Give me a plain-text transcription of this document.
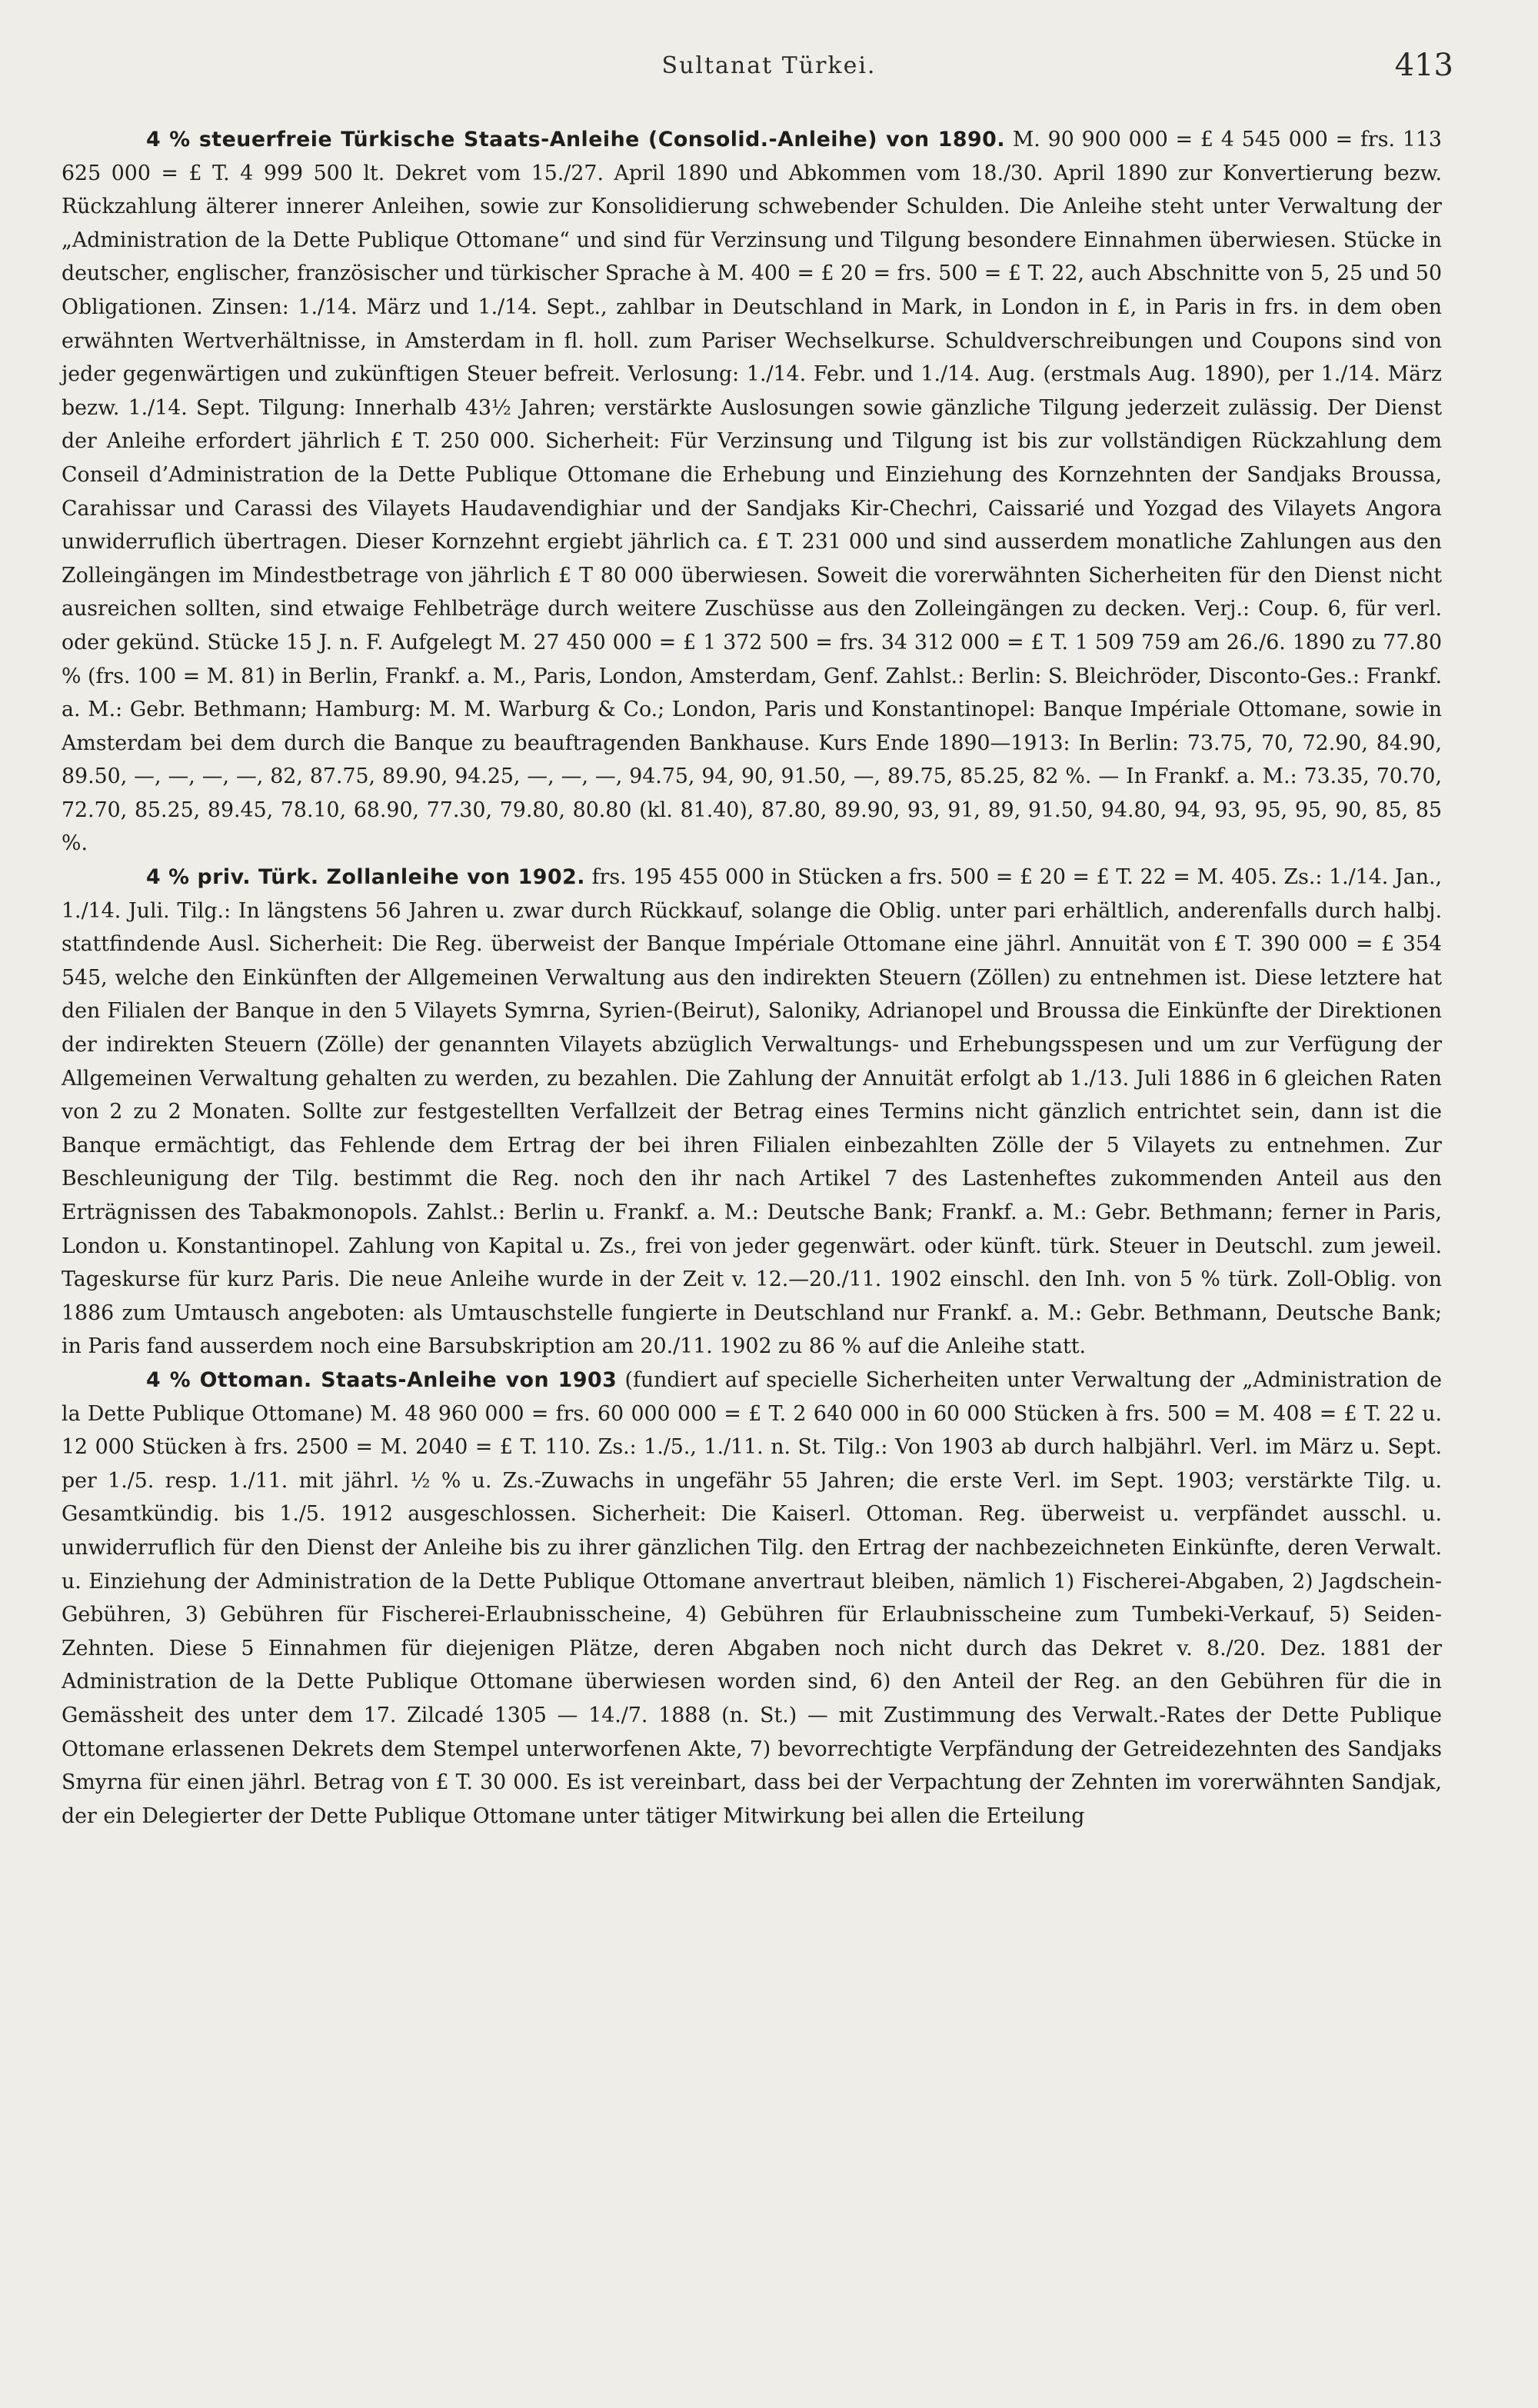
Sultanat Türkei.	413

4 % steuerfreie Türkische Staats-Anleihe (Consolid.-Anleihe) von 1890. M. 90 900 000 = £ 4 545 000 = frs. 113 625 000 = £ T. 4 999 500 lt. Dekret vom 15./27. April 1890 und Abkommen vom 18./30. April 1890 zur Konvertierung bezw. Rückzahlung älterer innerer Anleihen, sowie zur Konsolidierung schwebender Schulden. Die Anleihe steht unter Verwaltung der „Administration de la Dette Publique Ottomane“ und sind für Verzinsung und Tilgung besondere Einnahmen überwiesen. Stücke in deutscher, englischer, französischer und türkischer Sprache à M. 400 = £ 20 = frs. 500 = £ T. 22, auch Abschnitte von 5, 25 und 50 Obligationen. Zinsen: 1./14. März und 1./14. Sept., zahlbar in Deutschland in Mark, in London in £, in Paris in frs. in dem oben erwähnten Wertverhältnisse, in Amsterdam in fl. holl. zum Pariser Wechselkurse. Schuldverschreibungen und Coupons sind von jeder gegenwärtigen und zukünftigen Steuer befreit. Verlosung: 1./14. Febr. und 1./14. Aug. (erstmals Aug. 1890), per 1./14. März bezw. 1./14. Sept. Tilgung: Innerhalb 43½ Jahren; verstärkte Auslosungen sowie gänzliche Tilgung jederzeit zulässig. Der Dienst der Anleihe erfordert jährlich £ T. 250 000. Sicherheit: Für Verzinsung und Tilgung ist bis zur vollständigen Rückzahlung dem Conseil d’Administration de la Dette Publique Ottomane die Erhebung und Einziehung des Kornzehnten der Sandjaks Broussa, Carahissar und Carassi des Vilayets Haudavendighiar und der Sandjaks Kir-Chechri, Caissarié und Yozgad des Vilayets Angora unwiderruflich übertragen. Dieser Kornzehnt ergiebt jährlich ca. £ T. 231 000 und sind ausserdem monatliche Zahlungen aus den Zolleingängen im Mindestbetrage von jährlich £ T 80 000 überwiesen. Soweit die vorerwähnten Sicherheiten für den Dienst nicht ausreichen sollten, sind etwaige Fehlbeträge durch weitere Zuschüsse aus den Zolleingängen zu decken. Verj.: Coup. 6, für verl. oder gekünd. Stücke 15 J. n. F. Aufgelegt M. 27 450 000 = £ 1 372 500 = frs. 34 312 000 = £ T. 1 509 759 am 26./6. 1890 zu 77.80 % (frs. 100 = M. 81) in Berlin, Frankf. a. M., Paris, London, Amsterdam, Genf. Zahlst.: Berlin: S. Bleichröder, Disconto-Ges.: Frankf. a. M.: Gebr. Bethmann; Hamburg: M. M. Warburg & Co.; London, Paris und Konstantinopel: Banque Impériale Ottomane, sowie in Amsterdam bei dem durch die Banque zu beauftragenden Bankhause. Kurs Ende 1890—1913: In Berlin: 73.75, 70, 72.90, 84.90, 89.50, —, —, —, —, 82, 87.75, 89.90, 94.25, —, —, —, 94.75, 94, 90, 91.50, —, 89.75, 85.25, 82 %. — In Frankf. a. M.: 73.35, 70.70, 72.70, 85.25, 89.45, 78.10, 68.90, 77.30, 79.80, 80.80 (kl. 81.40), 87.80, 89.90, 93, 91, 89, 91.50, 94.80, 94, 93, 95, 95, 90, 85, 85 %.

4 % priv. Türk. Zollanleihe von 1902. frs. 195 455 000 in Stücken a frs. 500 = £ 20 = £ T. 22 = M. 405. Zs.: 1./14. Jan., 1./14. Juli. Tilg.: In längstens 56 Jahren u. zwar durch Rückkauf, solange die Oblig. unter pari erhältlich, anderenfalls durch halbj. stattfindende Ausl. Sicherheit: Die Reg. überweist der Banque Impériale Ottomane eine jährl. Annuität von £ T. 390 000 = £ 354 545, welche den Einkünften der Allgemeinen Verwaltung aus den indirekten Steuern (Zöllen) zu entnehmen ist. Diese letztere hat den Filialen der Banque in den 5 Vilayets Symrna, Syrien-(Beirut), Saloniky, Adrianopel und Broussa die Einkünfte der Direktionen der indirekten Steuern (Zölle) der genannten Vilayets abzüglich Verwaltungs- und Erhebungsspesen und um zur Verfügung der Allgemeinen Verwaltung gehalten zu werden, zu bezahlen. Die Zahlung der Annuität erfolgt ab 1./13. Juli 1886 in 6 gleichen Raten von 2 zu 2 Monaten. Sollte zur festgestellten Verfallzeit der Betrag eines Termins nicht gänzlich entrichtet sein, dann ist die Banque ermächtigt, das Fehlende dem Ertrag der bei ihren Filialen einbezahlten Zölle der 5 Vilayets zu entnehmen. Zur Beschleunigung der Tilg. bestimmt die Reg. noch den ihr nach Artikel 7 des Lastenheftes zukommenden Anteil aus den Erträgnissen des Tabakmonopols. Zahlst.: Berlin u. Frankf. a. M.: Deutsche Bank; Frankf. a. M.: Gebr. Bethmann; ferner in Paris, London u. Konstantinopel. Zahlung von Kapital u. Zs., frei von jeder gegenwärt. oder künft. türk. Steuer in Deutschl. zum jeweil. Tageskurse für kurz Paris. Die neue Anleihe wurde in der Zeit v. 12.—20./11. 1902 einschl. den Inh. von 5 % türk. Zoll-Oblig. von 1886 zum Umtausch angeboten: als Umtauschstelle fungierte in Deutschland nur Frankf. a. M.: Gebr. Bethmann, Deutsche Bank; in Paris fand ausserdem noch eine Barsubskription am 20./11. 1902 zu 86 % auf die Anleihe statt.

4 % Ottoman. Staats-Anleihe von 1903 (fundiert auf specielle Sicherheiten unter Verwaltung der „Administration de la Dette Publique Ottomane) M. 48 960 000 = frs. 60 000 000 = £ T. 2 640 000 in 60 000 Stücken à frs. 500 = M. 408 = £ T. 22 u. 12 000 Stücken à frs. 2500 = M. 2040 = £ T. 110. Zs.: 1./5., 1./11. n. St. Tilg.: Von 1903 ab durch halbjährl. Verl. im März u. Sept. per 1./5. resp. 1./11. mit jährl. ½ % u. Zs.-Zuwachs in ungefähr 55 Jahren; die erste Verl. im Sept. 1903; verstärkte Tilg. u. Gesamtkündig. bis 1./5. 1912 ausgeschlossen. Sicherheit: Die Kaiserl. Ottoman. Reg. überweist u. verpfändet ausschl. u. unwiderruflich für den Dienst der Anleihe bis zu ihrer gänzlichen Tilg. den Ertrag der nachbezeichneten Einkünfte, deren Verwalt. u. Einziehung der Administration de la Dette Publique Ottomane anvertraut bleiben, nämlich 1) Fischerei-Abgaben, 2) Jagdschein-Gebühren, 3) Gebühren für Fischerei-Erlaubnisscheine, 4) Gebühren für Erlaubnisscheine zum Tumbeki-Verkauf, 5) Seiden-Zehnten. Diese 5 Einnahmen für diejenigen Plätze, deren Abgaben noch nicht durch das Dekret v. 8./20. Dez. 1881 der Administration de la Dette Publique Ottomane überwiesen worden sind, 6) den Anteil der Reg. an den Gebühren für die in Gemässheit des unter dem 17. Zilcadé 1305 — 14./7. 1888 (n. St.) — mit Zustimmung des Verwalt.-Rates der Dette Publique Ottomane erlassenen Dekrets dem Stempel unterworfenen Akte, 7) bevorrechtigte Verpfändung der Getreidezehnten des Sandjaks Smyrna für einen jährl. Betrag von £ T. 30 000. Es ist vereinbart, dass bei der Verpachtung der Zehnten im vorerwähnten Sandjak, der ein Delegierter der Dette Publique Ottomane unter tätiger Mitwirkung bei allen die Erteilung
